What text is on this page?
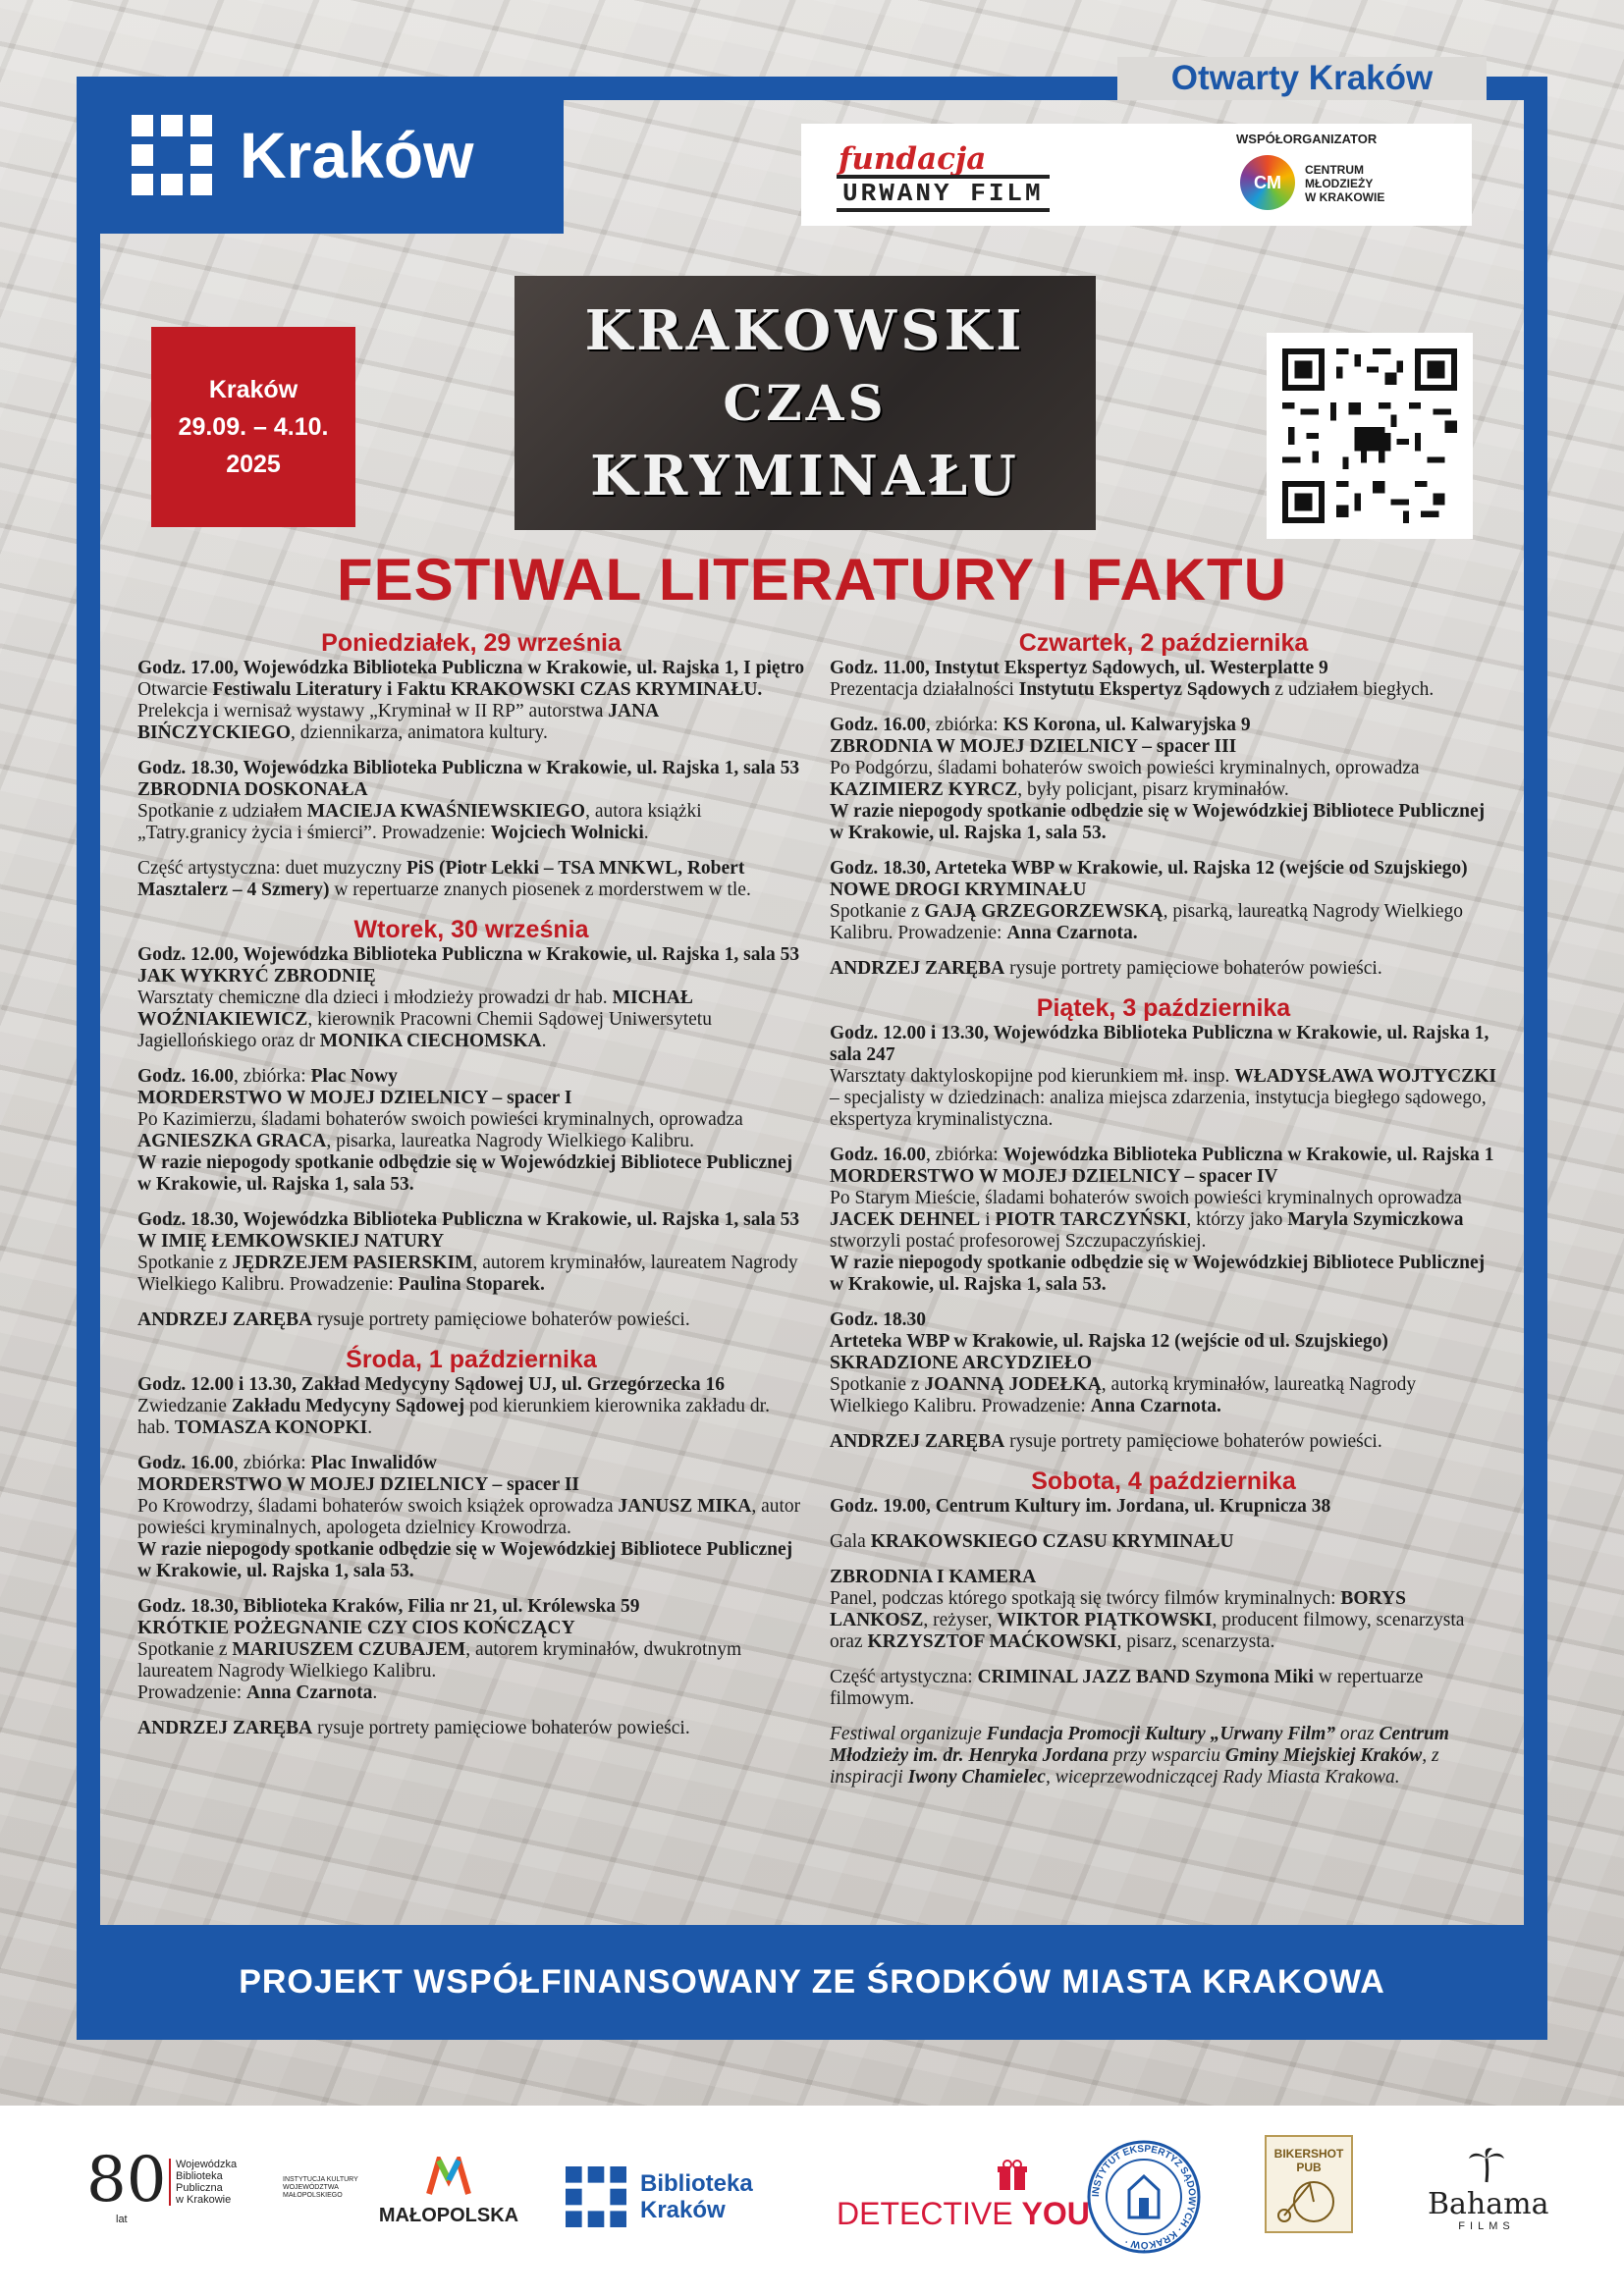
Otwarty Kraków
Kraków	fundacja
URWANY FILM
WSPÓŁORGANIZATOR
CM
CENTRUM
MŁODZIEŻY
W KRAKOWIE
Kraków
29.09. – 4.10.
2025
KRAKOWSKI
CZAS
KRYMINAŁU
FESTIWAL LITERATURY I FAKTU
Poniedziałek, 29 września

Godz. 17.00, Wojewódzka Biblioteka Publiczna w Krakowie, ul. Rajska 1, I piętro

Otwarcie Festiwalu Literatury i Faktu KRAKOWSKI CZAS KRYMINAŁU.

Prelekcja i wernisaż wystawy „Kryminał w II RP” autorstwa JANA BIŃCZYCKIEGO, dziennikarza, animatora kultury.

Godz. 18.30, Wojewódzka Biblioteka Publiczna w Krakowie, ul. Rajska 1, sala 53

ZBRODNIA DOSKONAŁA

Spotkanie z udziałem MACIEJA KWAŚNIEWSKIEGO, autora książki „Tatry.granicy życia i śmierci”. Prowadzenie: Wojciech Wolnicki.

Część artystyczna: duet muzyczny PiS (Piotr Lekki – TSA MNKWL, Robert Masztalerz – 4 Szmery) w repertuarze znanych piosenek z morderstwem w tle.

Wtorek, 30 września

Godz. 12.00, Wojewódzka Biblioteka Publiczna w Krakowie, ul. Rajska 1, sala 53

JAK WYKRYĆ ZBRODNIĘ

Warsztaty chemiczne dla dzieci i młodzieży prowadzi dr hab. MICHAŁ WOŹNIAKIEWICZ, kierownik Pracowni Chemii Sądowej Uniwersytetu Jagiellońskiego oraz dr MONIKA CIECHOMSKA.

Godz. 16.00, zbiórka: Plac Nowy

MORDERSTWO W MOJEJ DZIELNICY – spacer I

Po Kazimierzu, śladami bohaterów swoich powieści kryminalnych, oprowadza AGNIESZKA GRACA, pisarka, laureatka Nagrody Wielkiego Kalibru.

W razie niepogody spotkanie odbędzie się w Wojewódzkiej Bibliotece Publicznej w Krakowie, ul. Rajska 1, sala 53.

Godz. 18.30, Wojewódzka Biblioteka Publiczna w Krakowie, ul. Rajska 1, sala 53

W IMIĘ ŁEMKOWSKIEJ NATURY

Spotkanie z JĘDRZEJEM PASIERSKIM, autorem kryminałów, laureatem Nagrody Wielkiego Kalibru. Prowadzenie: Paulina Stoparek.

ANDRZEJ ZARĘBA rysuje portrety pamięciowe bohaterów powieści.

Środa, 1 października

Godz. 12.00 i 13.30, Zakład Medycyny Sądowej UJ, ul. Grzegórzecka 16

Zwiedzanie Zakładu Medycyny Sądowej pod kierunkiem kierownika zakładu dr. hab. TOMASZA KONOPKI.

Godz. 16.00, zbiórka: Plac Inwalidów

MORDERSTWO W MOJEJ DZIELNICY – spacer II

Po Krowodrzy, śladami bohaterów swoich książek oprowadza JANUSZ MIKA, autor powieści kryminalnych, apologeta dzielnicy Krowodrza.

W razie niepogody spotkanie odbędzie się w Wojewódzkiej Bibliotece Publicznej w Krakowie, ul. Rajska 1, sala 53.

Godz. 18.30, Biblioteka Kraków, Filia nr 21, ul. Królewska 59

KRÓTKIE POŻEGNANIE CZY CIOS KOŃCZĄCY

Spotkanie z MARIUSZEM CZUBAJEM, autorem kryminałów, dwukrotnym laureatem Nagrody Wielkiego Kalibru.

Prowadzenie: Anna Czarnota.

ANDRZEJ ZARĘBA rysuje portrety pamięciowe bohaterów powieści.

Czwartek, 2 października

Godz. 11.00, Instytut Ekspertyz Sądowych, ul. Westerplatte 9

Prezentacja działalności Instytutu Ekspertyz Sądowych z udziałem biegłych.

Godz. 16.00, zbiórka: KS Korona, ul. Kalwaryjska 9

ZBRODNIA W MOJEJ DZIELNICY – spacer III

Po Podgórzu, śladami bohaterów swoich powieści kryminalnych, oprowadza KAZIMIERZ KYRCZ, były policjant, pisarz kryminałów.

W razie niepogody spotkanie odbędzie się w Wojewódzkiej Bibliotece Publicznej w Krakowie, ul. Rajska 1, sala 53.

Godz. 18.30, Arteteka WBP w Krakowie, ul. Rajska 12 (wejście od Szujskiego)

NOWE DROGI KRYMINAŁU

Spotkanie z GAJĄ GRZEGORZEWSKĄ, pisarką, laureatką Nagrody Wielkiego Kalibru. Prowadzenie: Anna Czarnota.

ANDRZEJ ZARĘBA rysuje portrety pamięciowe bohaterów powieści.

Piątek, 3 października

Godz. 12.00 i 13.30, Wojewódzka Biblioteka Publiczna w Krakowie, ul. Rajska 1, sala 247

Warsztaty daktyloskopijne pod kierunkiem mł. insp. WŁADYSŁAWA WOJTYCZKI – specjalisty w dziedzinach: analiza miejsca zdarzenia, instytucja biegłego sądowego, ekspertyza kryminalistyczna.

Godz. 16.00, zbiórka: Wojewódzka Biblioteka Publiczna w Krakowie, ul. Rajska 1

MORDERSTWO W MOJEJ DZIELNICY – spacer IV

Po Starym Mieście, śladami bohaterów swoich powieści kryminalnych oprowadza JACEK DEHNEL i PIOTR TARCZYŃSKI, którzy jako Maryla Szymiczkowa stworzyli postać profesorowej Szczupaczyńskiej.

W razie niepogody spotkanie odbędzie się w Wojewódzkiej Bibliotece Publicznej w Krakowie, ul. Rajska 1, sala 53.

Godz. 18.30

Arteteka WBP w Krakowie, ul. Rajska 12 (wejście od ul. Szujskiego)

SKRADZIONE ARCYDZIEŁO

Spotkanie z JOANNĄ JODEŁKĄ, autorką kryminałów, laureatką Nagrody Wielkiego Kalibru. Prowadzenie: Anna Czarnota.

ANDRZEJ ZARĘBA rysuje portrety pamięciowe bohaterów powieści.

Sobota, 4 października

Godz. 19.00, Centrum Kultury im. Jordana, ul. Krupnicza 38

Gala KRAKOWSKIEGO CZASU KRYMINAŁU

ZBRODNIA I KAMERA

Panel, podczas którego spotkają się twórcy filmów kryminalnych: BORYS LANKOSZ, reżyser, WIKTOR PIĄTKOWSKI, producent filmowy, scenarzysta oraz KRZYSZTOF MAĆKOWSKI, pisarz, scenarzysta.

Część artystyczna: CRIMINAL JAZZ BAND Szymona Miki w repertuarze filmowym.

Festiwal organizuje Fundacja Promocji Kultury „Urwany Film” oraz Centrum Młodzieży im. dr. Henryka Jordana przy wsparciu Gminy Miejskiej Kraków, z inspiracji Iwony Chamielec, wiceprzewodniczącej Rady Miasta Krakowa.

PROJEKT WSPÓŁFINANSOWANY ZE ŚRODKÓW MIASTA KRAKOWA
80
lat
Wojewódzka
Biblioteka
Publiczna
w Krakowie
INSTYTUCJA KULTURY
WOJEWÓDZTWA
MAŁOPOLSKIEGO
MAŁOPOLSKA
Biblioteka
Kraków	DETECTIVE YOU
INSTYTUT EKSPERTYZ SĄDOWYCH · KRAKÓW ·
BIKERSHOT
PUB
Bahama
FILMS
